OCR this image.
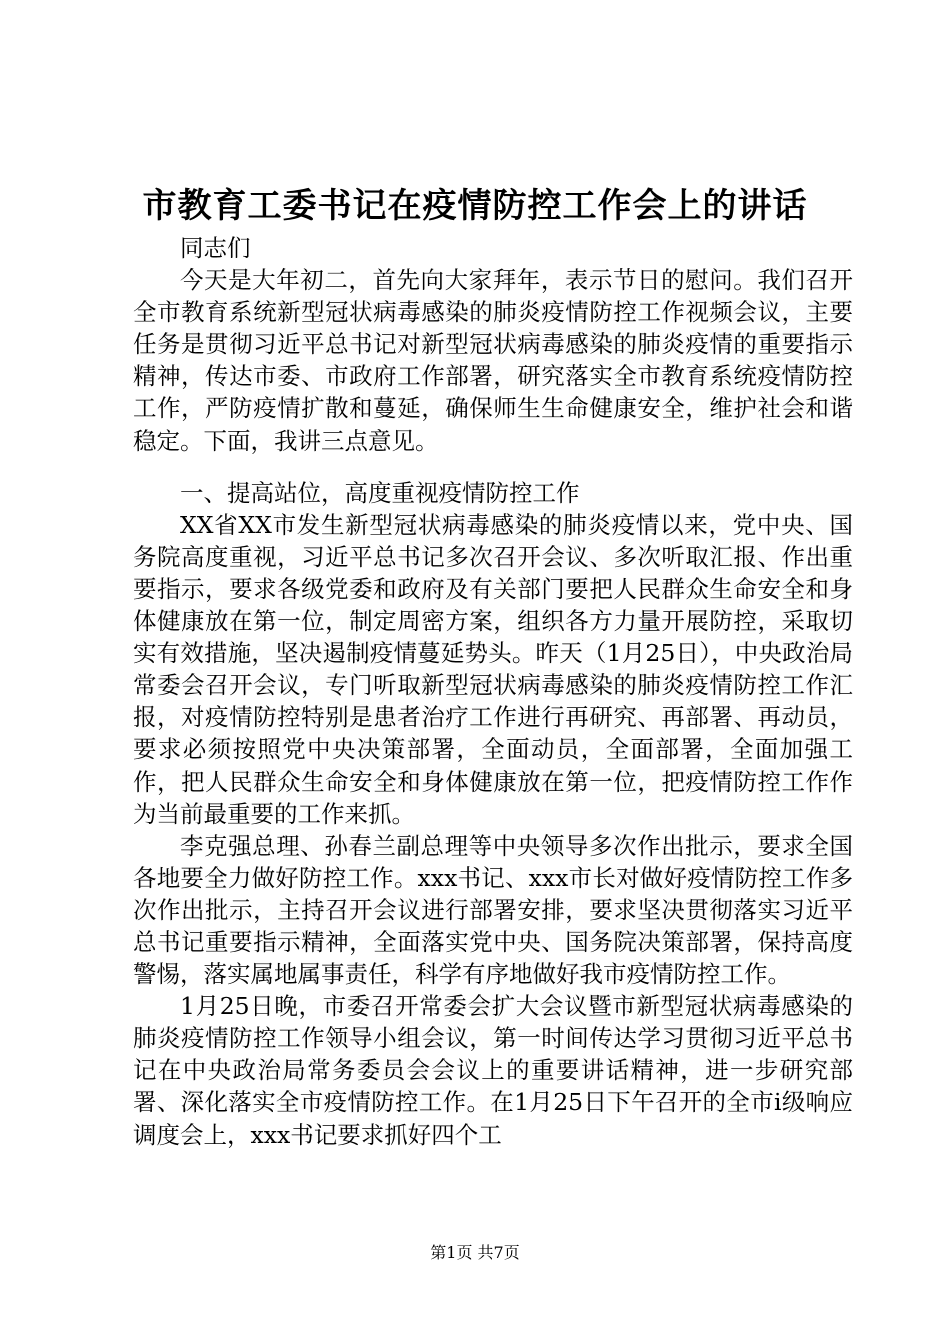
市教育工委书记在疫情防控工作会上的讲话

同志们

今天是大年初二，首先向大家拜年，表示节日的慰问。我们召开全市教育系统新型冠状病毒感染的肺炎疫情防控工作视频会议，主要任务是贯彻习近平总书记对新型冠状病毒感染的肺炎疫情的重要指示精神，传达市委、市政府工作部署，研究落实全市教育系统疫情防控工作，严防疫情扩散和蔓延，确保师生生命健康安全，维护社会和谐稳定。下面，我讲三点意见。

一、提高站位，高度重视疫情防控工作

XX省XX市发生新型冠状病毒感染的肺炎疫情以来，党中央、国务院高度重视，习近平总书记多次召开会议、多次听取汇报、作出重要指示，要求各级党委和政府及有关部门要把人民群众生命安全和身体健康放在第一位，制定周密方案，组织各方力量开展防控，采取切实有效措施，坚决遏制疫情蔓延势头。昨天（1月25日），中央政治局常委会召开会议，专门听取新型冠状病毒感染的肺炎疫情防控工作汇报，对疫情防控特别是患者治疗工作进行再研究、再部署、再动员，要求必须按照党中央决策部署，全面动员，全面部署，全面加强工作，把人民群众生命安全和身体健康放在第一位，把疫情防控工作作为当前最重要的工作来抓。

李克强总理、孙春兰副总理等中央领导多次作出批示，要求全国各地要全力做好防控工作。xxx书记、xxx市长对做好疫情防控工作多次作出批示，主持召开会议进行部署安排，要求坚决贯彻落实习近平总书记重要指示精神，全面落实党中央、国务院决策部署，保持高度警惕，落实属地属事责任，科学有序地做好我市疫情防控工作。

1月25日晚，市委召开常委会扩大会议暨市新型冠状病毒感染的肺炎疫情防控工作领导小组会议，第一时间传达学习贯彻习近平总书记在中央政治局常务委员会会议上的重要讲话精神，进一步研究部署、深化落实全市疫情防控工作。在1月25日下午召开的全市ⅰ级响应调度会上，xxx书记要求抓好四个工

第1页 共7页
